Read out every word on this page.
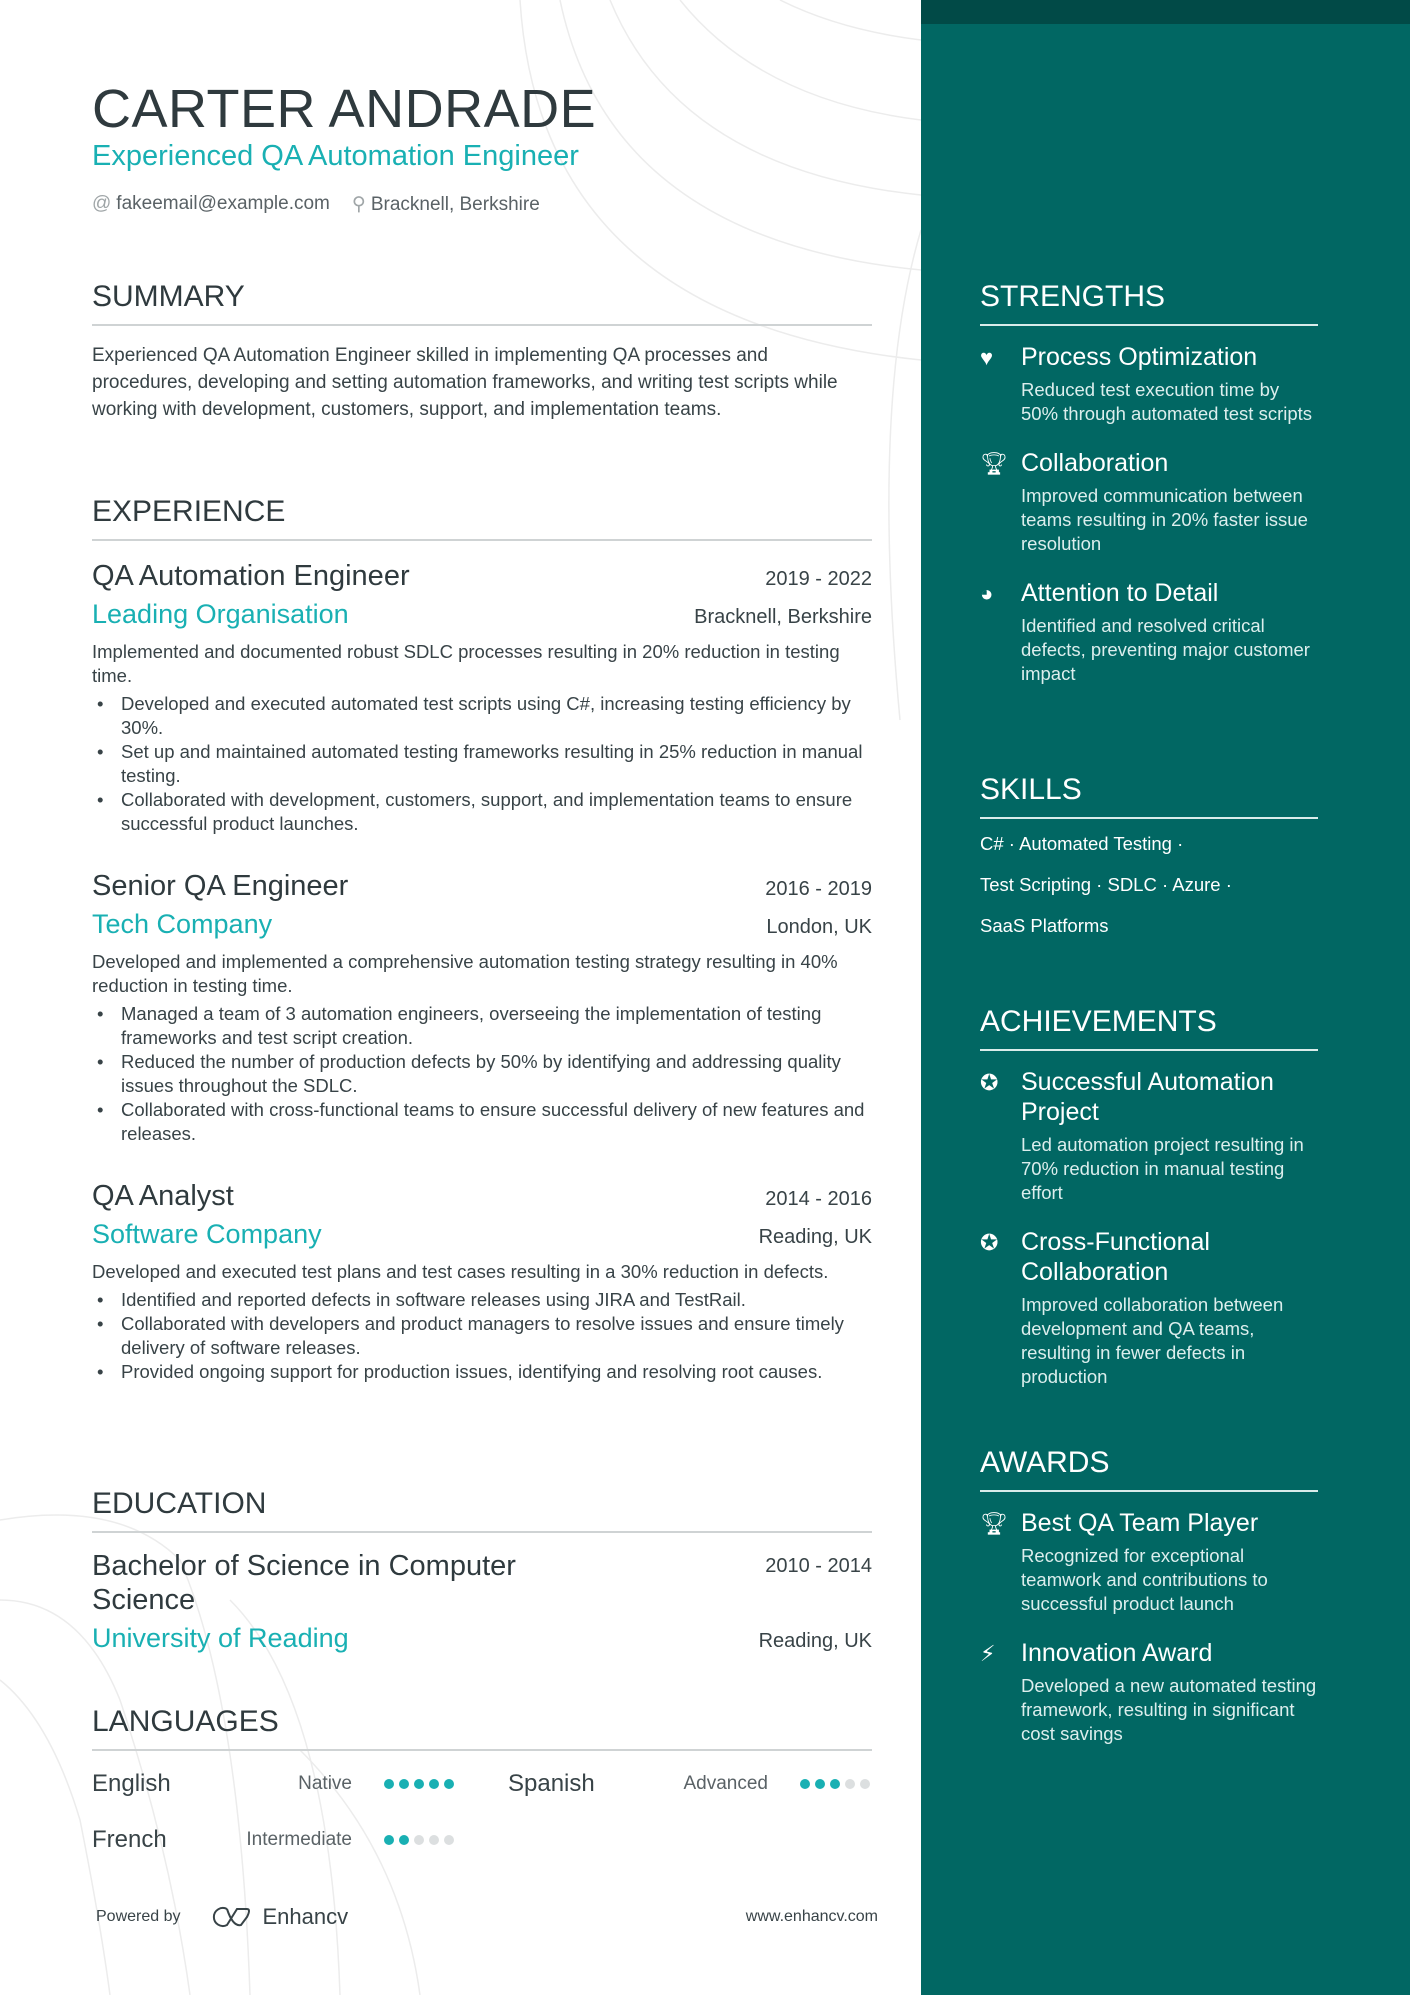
CARTER ANDRADE
Experienced QA Automation Engineer
@ fakeemail@example.com ⚲ Bracknell, Berkshire
SUMMARY
Experienced QA Automation Engineer skilled in implementing QA processes and procedures, developing and setting automation frameworks, and writing test scripts while working with development, customers, support, and implementation teams.
EXPERIENCE
QA Automation Engineer	2019 - 2022
Leading Organisation	Bracknell, Berkshire
Implemented and documented robust SDLC processes resulting in 20% reduction in testing time.
• Developed and executed automated test scripts using C#, increasing testing efficiency by 30%.
• Set up and maintained automated testing frameworks resulting in 25% reduction in manual testing.
• Collaborated with development, customers, support, and implementation teams to ensure successful product launches.
Senior QA Engineer	2016 - 2019
Tech Company	London, UK
Developed and implemented a comprehensive automation testing strategy resulting in 40% reduction in testing time.
• Managed a team of 3 automation engineers, overseeing the implementation of testing frameworks and test script creation.
• Reduced the number of production defects by 50% by identifying and addressing quality issues throughout the SDLC.
• Collaborated with cross-functional teams to ensure successful delivery of new features and releases.
QA Analyst	2014 - 2016
Software Company	Reading, UK
Developed and executed test plans and test cases resulting in a 30% reduction in defects.
• Identified and reported defects in software releases using JIRA and TestRail.
• Collaborated with developers and product managers to resolve issues and ensure timely delivery of software releases.
• Provided ongoing support for production issues, identifying and resolving root causes.
EDUCATION
Bachelor of Science in Computer Science
2010 - 2014
University of Reading	Reading, UK
LANGUAGES
English	Native	Spanish	Advanced
French	Intermediate
Powered by	Enhancv	www.enhancv.com
STRENGTHS
♥	Process Optimization
Reduced test execution time by 50% through automated test scripts
🏆︎ Collaboration
Improved communication between teams resulting in 20% faster issue resolution
◕	Attention to Detail
Identified and resolved critical defects, preventing major customer impact
SKILLS
C# · Automated Testing ·
Test Scripting · SDLC · Azure ·
SaaS Platforms
ACHIEVEMENTS
✪ Successful Automation Project
Led automation project resulting in 70% reduction in manual testing effort
✪ Cross-Functional Collaboration
Improved collaboration between development and QA teams, resulting in fewer defects in production
AWARDS
🏆︎ Best QA Team Player
Recognized for exceptional teamwork and contributions to successful product launch
⚡︎	Innovation Award
Developed a new automated testing framework, resulting in significant cost savings
